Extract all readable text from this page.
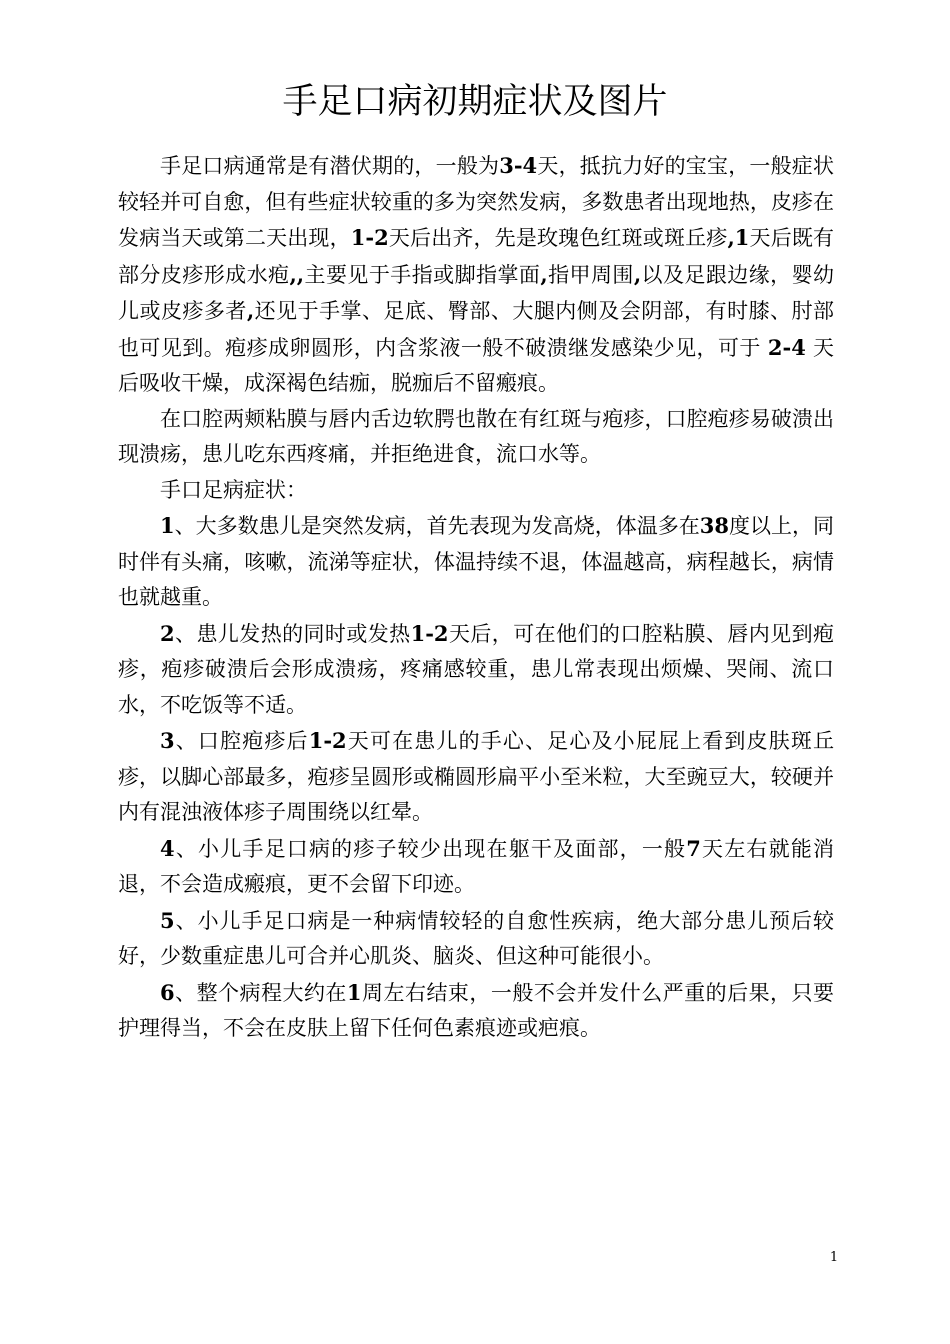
手足口病初期症状及图片

手足口病通常是有潜伏期的，一般为3-4天，抵抗力好的宝宝，一般症状较轻并可自愈，但有些症状较重的多为突然发病，多数患者出现地热，皮疹在发病当天或第二天出现，1-2天后出齐，先是玫瑰色红斑或斑丘疹,1天后既有部分皮疹形成水疱,,主要见于手指或脚指掌面,指甲周围,以及足跟边缘，婴幼儿或皮疹多者,还见于手掌、足底、臀部、大腿内侧及会阴部，有时膝、肘部也可见到。疱疹成卵圆形，内含浆液一般不破溃继发感染少见，可于 2-4 天后吸收干燥，成深褐色结痂，脱痂后不留瘢痕。

在口腔两颊粘膜与唇内舌边软腭也散在有红斑与疱疹，口腔疱疹易破溃出现溃疡，患儿吃东西疼痛，并拒绝进食，流口水等。

手口足病症状：

1、大多数患儿是突然发病，首先表现为发高烧，体温多在38度以上，同时伴有头痛，咳嗽，流涕等症状，体温持续不退，体温越高，病程越长，病情也就越重。

2、患儿发热的同时或发热1-2天后，可在他们的口腔粘膜、唇内见到疱疹，疱疹破溃后会形成溃疡，疼痛感较重，患儿常表现出烦燥、哭闹、流口水，不吃饭等不适。

3、口腔疱疹后1-2天可在患儿的手心、足心及小屁屁上看到皮肤斑丘疹，以脚心部最多，疱疹呈圆形或椭圆形扁平小至米粒，大至豌豆大，较硬并内有混浊液体疹子周围绕以红晕。

4、小儿手足口病的疹子较少出现在躯干及面部，一般7天左右就能消退，不会造成瘢痕，更不会留下印迹。

5、小儿手足口病是一种病情较轻的自愈性疾病，绝大部分患儿预后较好，少数重症患儿可合并心肌炎、脑炎、但这种可能很小。

6、整个病程大约在1周左右结束，一般不会并发什么严重的后果，只要护理得当，不会在皮肤上留下任何色素痕迹或疤痕。

1
